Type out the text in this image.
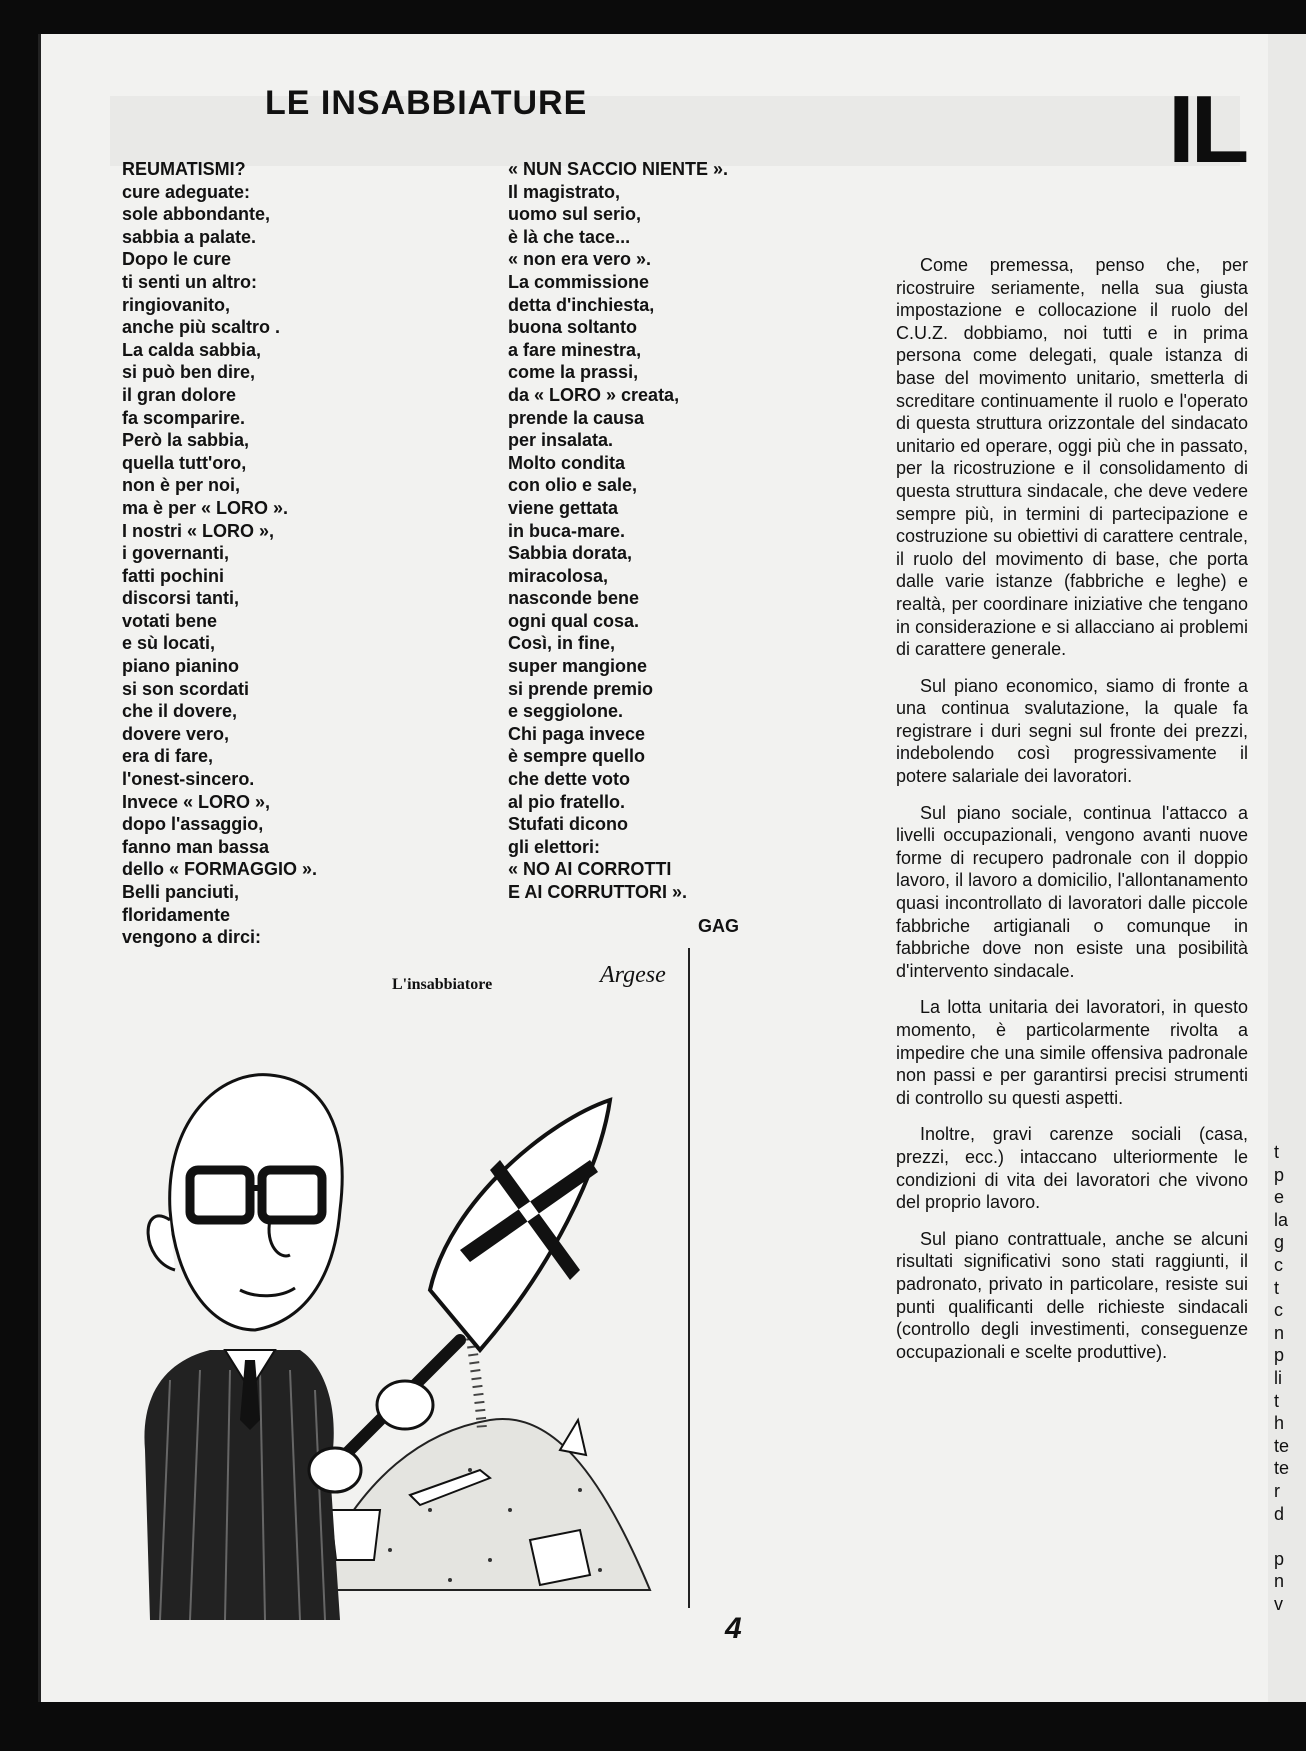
LE INSABBIATURE	IL
REUMATISMI?
cure adeguate:
sole abbondante,
sabbia a palate.
Dopo le cure
ti senti un altro:
ringiovanito,
anche più scaltro .
La calda sabbia,
si può ben dire,
il gran dolore
fa scomparire.
Però la sabbia,
quella tutt'oro,
non è per noi,
ma è per « LORO ».
I nostri « LORO »,
i governanti,
fatti pochini
discorsi tanti,
votati bene
e sù locati,
piano pianino
si son scordati
che il dovere,
dovere vero,
era di fare,
l'onest-sincero.
Invece « LORO »,
dopo l'assaggio,
fanno man bassa
dello « FORMAGGIO ».
Belli panciuti,
floridamente
vengono a dirci:
« NUN SACCIO NIENTE ».
Il magistrato,
uomo sul serio,
è là che tace...
« non era vero ».
La commissione
detta d'inchiesta,
buona soltanto
a fare minestra,
come la prassi,
da « LORO » creata,
prende la causa
per insalata.
Molto condita
con olio e sale,
viene gettata
in buca-mare.
Sabbia dorata,
miracolosa,
nasconde bene
ogni qual cosa.
Così, in fine,
super mangione
si prende premio
e seggiolone.
Chi paga invece
è sempre quello
che dette voto
al pio fratello.
Stufati dicono
gli elettori:
« NO AI CORROTTI
E AI CORRUTTORI ».
GAG

Come premessa, penso che, per ricostruire seriamente, nella sua giusta impostazione e collocazione il ruolo del C.U.Z. dobbiamo, noi tutti e in prima persona come delegati, quale istanza di base del movimento unitario, smetterla di screditare continuamente il ruolo e l'operato di questa struttura orizzontale del sindacato unitario ed operare, oggi più che in passato, per la ricostruzione e il consolidamento di questa struttura sindacale, che deve vedere sempre più, in termini di partecipazione e costruzione su obiettivi di carattere centrale, il ruolo del movimento di base, che porta dalle varie istanze (fabbriche e leghe) e realtà, per coordinare iniziative che tengano in considerazione e si allacciano ai problemi di carattere generale.

Sul piano economico, siamo di fronte a una continua svalutazione, la quale fa registrare i duri segni sul fronte dei prezzi, indebolendo così progressivamente il potere salariale dei lavoratori.

Sul piano sociale, continua l'attacco a livelli occupazionali, vengono avanti nuove forme di recupero padronale con il doppio lavoro, il lavoro a domicilio, l'allontanamento quasi incontrollato di lavoratori dalle piccole fabbriche artigianali o comunque in fabbriche dove non esiste una posibilità d'intervento sindacale.

La lotta unitaria dei lavoratori, in questo momento, è particolarmente rivolta a impedire che una simile offensiva padronale non passi e per garantirsi precisi strumenti di controllo su questi aspetti.

Inoltre, gravi carenze sociali (casa, prezzi, ecc.) intaccano ulteriormente le condizioni di vita dei lavoratori che vivono del proprio lavoro.

Sul piano contrattuale, anche se alcuni risultati significativi sono stati raggiunti, il padronato, privato in particolare, resiste sui punti qualificanti delle richieste sindacali (controllo degli investimenti, conseguenze occupazionali e scelte produttive).

L'insabbiatore	Argese
4
t
p
e
la
g
c
t
c
n
p
li
t
h
te
te
r
d

p
n
v
